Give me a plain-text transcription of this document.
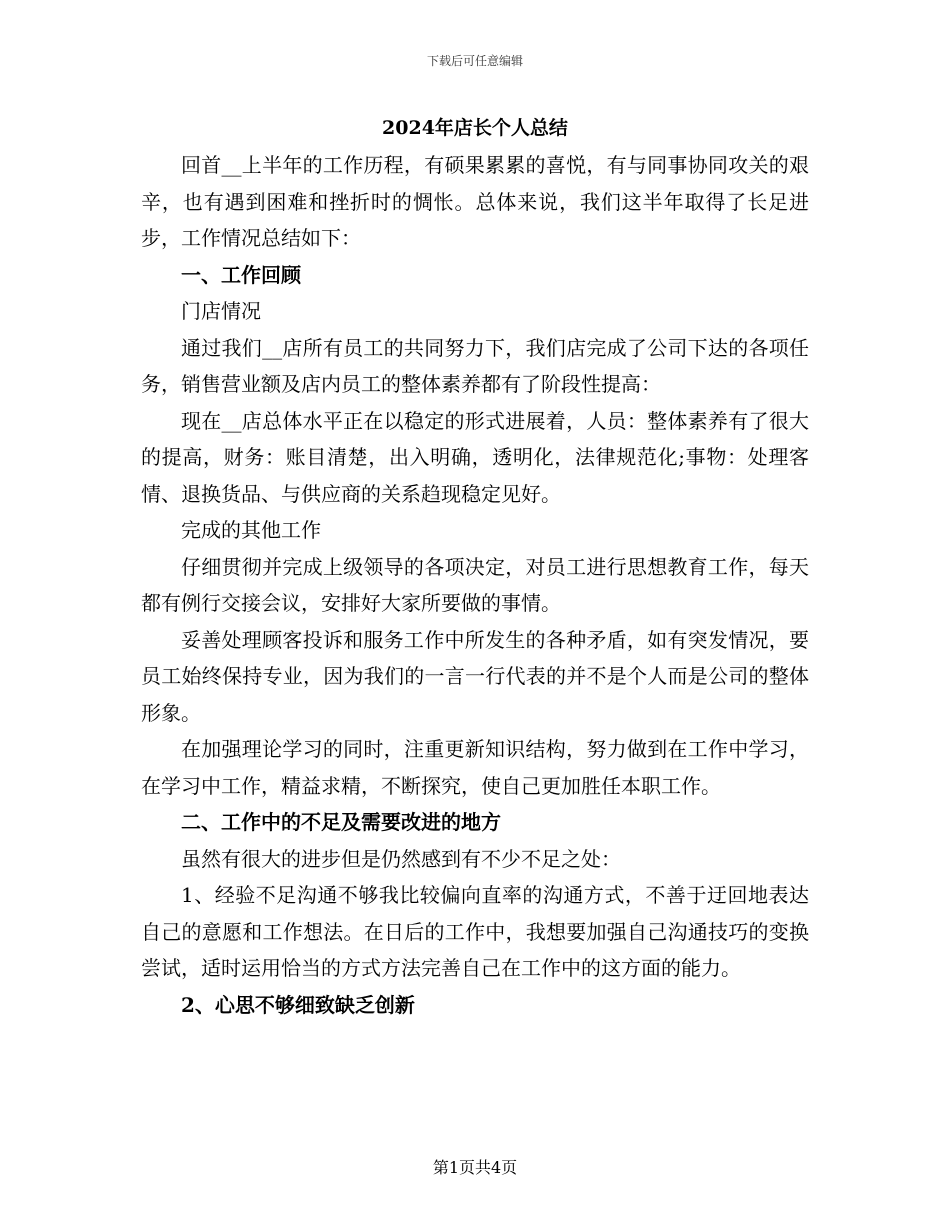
下载后可任意编辑
2024年店长个人总结

回首__上半年的工作历程，有硕果累累的喜悦，有与同事协同攻关的艰辛，也有遇到困难和挫折时的惆怅。总体来说，我们这半年取得了长足进步，工作情况总结如下：

一、工作回顾

门店情况

通过我们__店所有员工的共同努力下，我们店完成了公司下达的各项任务，销售营业额及店内员工的整体素养都有了阶段性提高：

现在__店总体水平正在以稳定的形式进展着，人员：整体素养有了很大的提高，财务：账目清楚，出入明确，透明化，法律规范化;事物：处理客情、退换货品、与供应商的关系趋现稳定见好。

完成的其他工作

仔细贯彻并完成上级领导的各项决定，对员工进行思想教育工作，每天都有例行交接会议，安排好大家所要做的事情。

妥善处理顾客投诉和服务工作中所发生的各种矛盾，如有突发情况，要员工始终保持专业，因为我们的一言一行代表的并不是个人而是公司的整体形象。

在加强理论学习的同时，注重更新知识结构，努力做到在工作中学习，在学习中工作，精益求精，不断探究，使自己更加胜任本职工作。

二、工作中的不足及需要改进的地方

虽然有很大的进步但是仍然感到有不少不足之处：

1、经验不足沟通不够我比较偏向直率的沟通方式，不善于迂回地表达自己的意愿和工作想法。在日后的工作中，我想要加强自己沟通技巧的变换尝试，适时运用恰当的方式方法完善自己在工作中的这方面的能力。

2、心思不够细致缺乏创新

第1页共4页
